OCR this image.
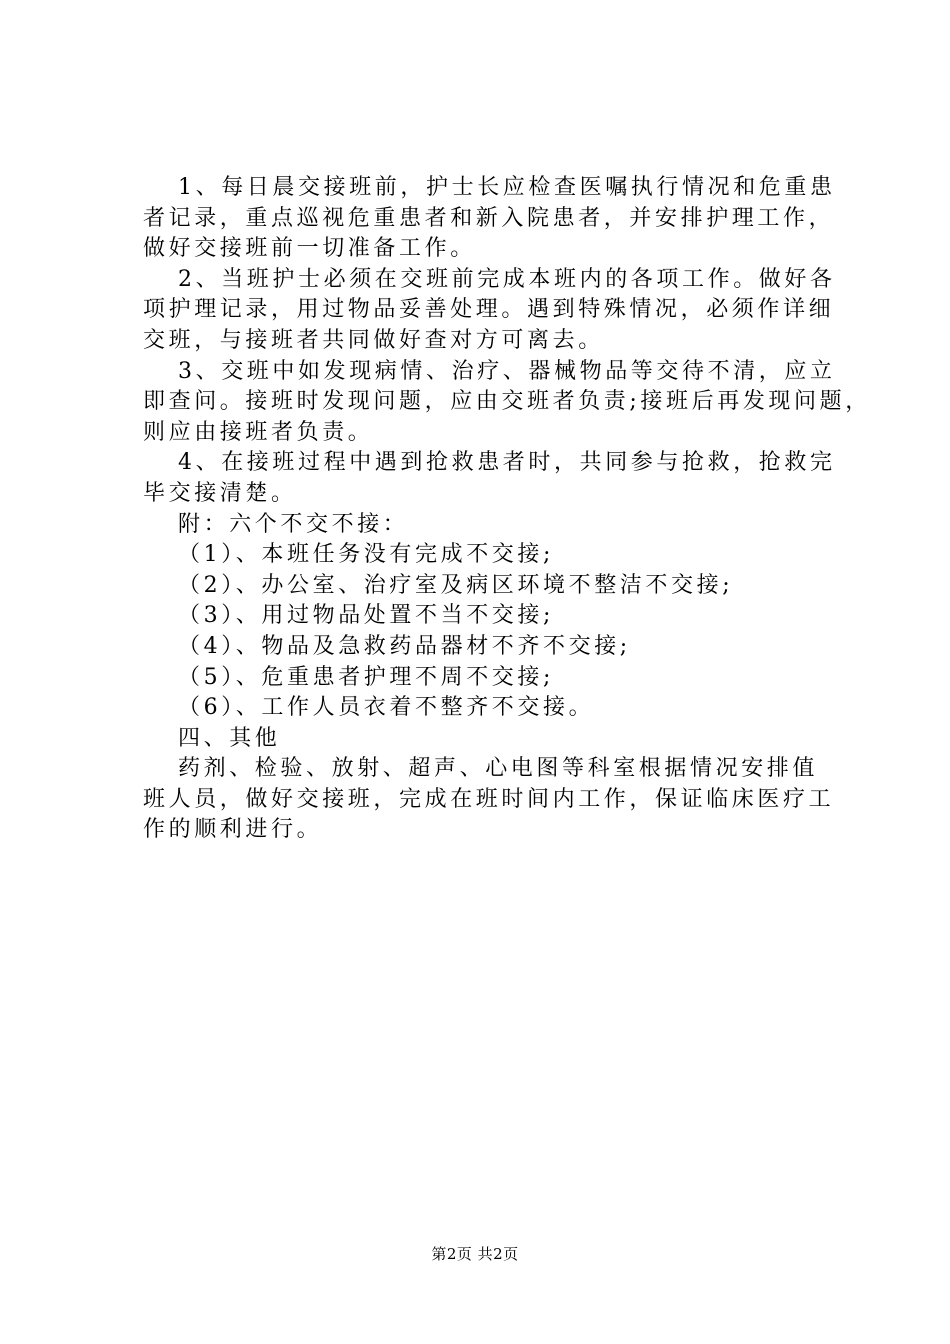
1、每日晨交接班前，护士长应检查医嘱执行情况和危重患
者记录，重点巡视危重患者和新入院患者，并安排护理工作，
做好交接班前一切准备工作。
2、当班护士必须在交班前完成本班内的各项工作。做好各
项护理记录，用过物品妥善处理。遇到特殊情况，必须作详细
交班，与接班者共同做好查对方可离去。
3、交班中如发现病情、治疗、器械物品等交待不清，应立
即查问。接班时发现问题，应由交班者负责;接班后再发现问题，
则应由接班者负责。
4、在接班过程中遇到抢救患者时，共同参与抢救，抢救完
毕交接清楚。
附：六个不交不接：
（1）、本班任务没有完成不交接;
（2）、办公室、治疗室及病区环境不整洁不交接;
（3）、用过物品处置不当不交接;
（4）、物品及急救药品器材不齐不交接;
（5）、危重患者护理不周不交接;
（6）、工作人员衣着不整齐不交接。
四、其他
药剂、检验、放射、超声、心电图等科室根据情况安排值
班人员，做好交接班，完成在班时间内工作，保证临床医疗工
作的顺利进行。
第2页 共2页
